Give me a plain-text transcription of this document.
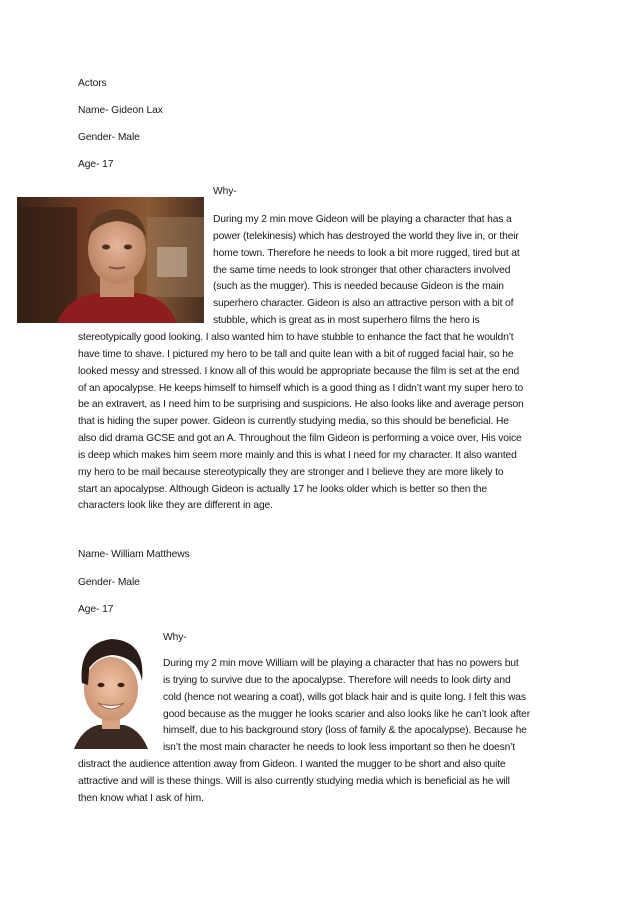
Actors
Name- Gideon Lax
Gender- Male
Age- 17
Why-

During my 2 min move Gideon will be playing a character that has a

power (telekinesis) which has destroyed the world they live in, or their

home town. Therefore he needs to look a bit more rugged, tired but at

the same time needs to look stronger that other characters involved

(such as the mugger). This is needed because Gideon is the main

superhero character. Gideon is also an attractive person with a bit of

stubble, which is great as in most superhero films the hero is

stereotypically good looking. I also wanted him to have stubble to enhance the fact that he wouldn’t

have time to shave. I pictured my hero to be tall and quite lean with a bit of rugged facial hair, so he

looked messy and stressed. I know all of this would be appropriate because the film is set at the end

of an apocalypse. He keeps himself to himself which is a good thing as I didn’t want my super hero to

be an extravert, as I need him to be surprising and suspicions. He also looks like and average person

that is hiding the super power. Gideon is currently studying media, so this should be beneficial. He

also did drama GCSE and got an A. Throughout the film Gideon is performing a voice over, His voice

is deep which makes him seem more mainly and this is what I need for my character. It also wanted

my hero to be mail because stereotypically they are stronger and I believe they are more likely to

start an apocalypse. Although Gideon is actually 17 he looks older which is better so then the

characters look like they are different in age.

Name- William Matthews
Gender- Male
Age- 17
Why-

During my 2 min move William will be playing a character that has no powers but

is trying to survive due to the apocalypse. Therefore will needs to look dirty and

cold (hence not wearing a coat), wills got black hair and is quite long. I felt this was

good because as the mugger he looks scarier and also looks like he can’t look after

himself, due to his background story (loss of family & the apocalypse). Because he

isn’t the most main character he needs to look less important so then he doesn’t

distract the audience attention away from Gideon. I wanted the mugger to be short and also quite

attractive and will is these things. Will is also currently studying media which is beneficial as he will

then know what I ask of him.
